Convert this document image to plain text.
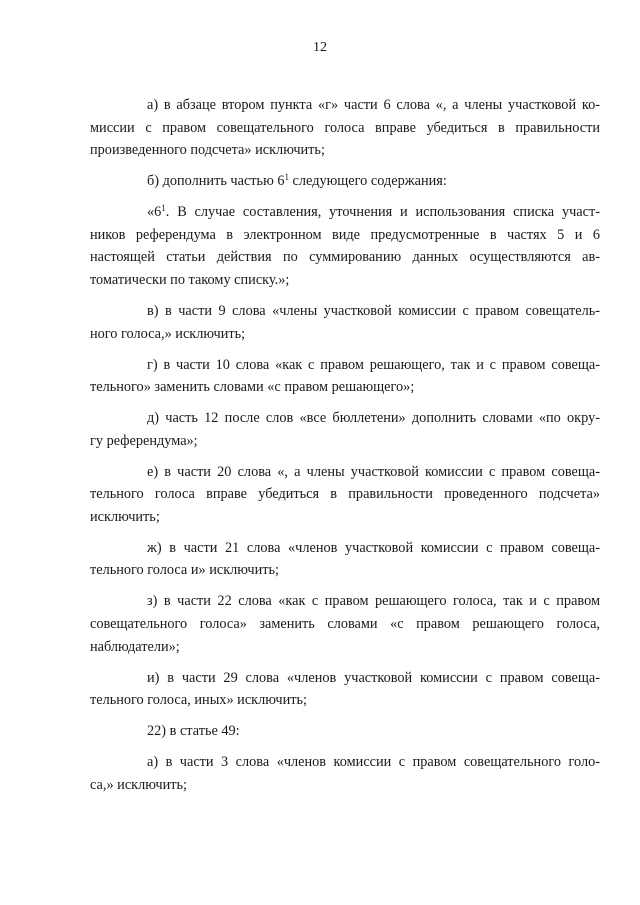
12
а) в абзаце втором пункта «г» части 6 слова «, а члены участковой ко-
миссии с правом совещательного голоса вправе убедиться в правильности
произведенного подсчета» исключить;
б) дополнить частью $6^1$ следующего содержания:
«$6^1$. В случае составления, уточнения и использования списка участ-
ников референдума в электронном виде предусмотренные в частях 5 и 6
настоящей статьи действия по суммированию данных осуществляются ав-
томатически по такому списку.»;
в) в части 9 слова «члены участковой комиссии с правом совещатель-
ного голоса,» исключить;
г) в части 10 слова «как с правом решающего, так и с правом совеща-
тельного» заменить словами «с правом решающего»;
д) часть 12 после слов «все бюллетени» дополнить словами «по окру-
гу референдума»;
е) в части 20 слова «, а члены участковой комиссии с правом совеща-
тельного голоса вправе убедиться в правильности проведенного подсчета»
исключить;
ж) в части 21 слова «членов участковой комиссии с правом совеща-
тельного голоса и» исключить;
з) в части 22 слова «как с правом решающего голоса, так и с правом
совещательного голоса» заменить словами «с правом решающего голоса,
наблюдатели»;
и) в части 29 слова «членов участковой комиссии с правом совеща-
тельного голоса, иных» исключить;
22) в статье 49:
а) в части 3 слова «членов комиссии с правом совещательного голо-
са,» исключить;
